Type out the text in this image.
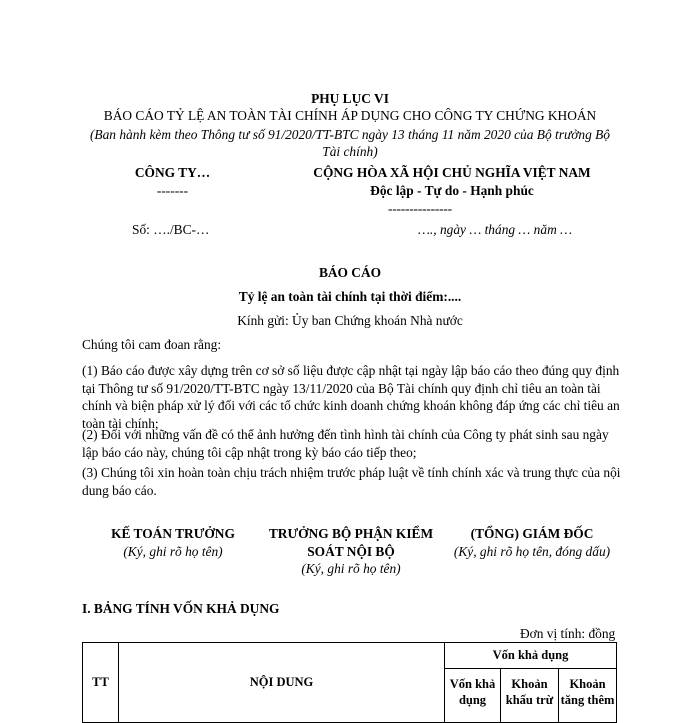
PHỤ LỤC VI
BÁO CÁO TỶ LỆ AN TOÀN TÀI CHÍNH ÁP DỤNG CHO CÔNG TY CHỨNG KHOÁN
(Ban hành kèm theo Thông tư số 91/2020/TT-BTC ngày 13 tháng 11 năm 2020 của Bộ trưởng Bộ Tài chính)
CÔNG TY…
-------
CỘNG HÒA XÃ HỘI CHỦ NGHĨA VIỆT NAM
Độc lập - Tự do - Hạnh phúc
---------------
Số: …./BC-…	…., ngày … tháng … năm …
BÁO CÁO
Tỷ lệ an toàn tài chính tại thời điểm:....
Kính gửi: Ủy ban Chứng khoán Nhà nước
Chúng tôi cam đoan rằng:
(1) Báo cáo được xây dựng trên cơ sở số liệu được cập nhật tại ngày lập báo cáo theo đúng quy định tại Thông tư số 91/2020/TT-BTC ngày 13/11/2020 của Bộ Tài chính quy định chỉ tiêu an toàn tài chính và biện pháp xử lý đối với các tổ chức kinh doanh chứng khoán không đáp ứng các chỉ tiêu an toàn tài chính;
(2) Đối với những vấn đề có thể ảnh hưởng đến tình hình tài chính của Công ty phát sinh sau ngày lập báo cáo này, chúng tôi cập nhật trong kỳ báo cáo tiếp theo;
(3) Chúng tôi xin hoàn toàn chịu trách nhiệm trước pháp luật về tính chính xác và trung thực của nội dung báo cáo.
KẾ TOÁN TRƯỞNG
(Ký, ghi rõ họ tên)
TRƯỞNG BỘ PHẬN KIỂM SOÁT NỘI BỘ
(Ký, ghi rõ họ tên)
(TỔNG) GIÁM ĐỐC
(Ký, ghi rõ họ tên, đóng dấu)
I. BẢNG TÍNH VỐN KHẢ DỤNG
Đơn vị tính: đồng
TT	NỘI DUNG	Vốn khả dụng		
		Vốn khả dụng	Khoản khấu trừ	Khoản tăng thêm
